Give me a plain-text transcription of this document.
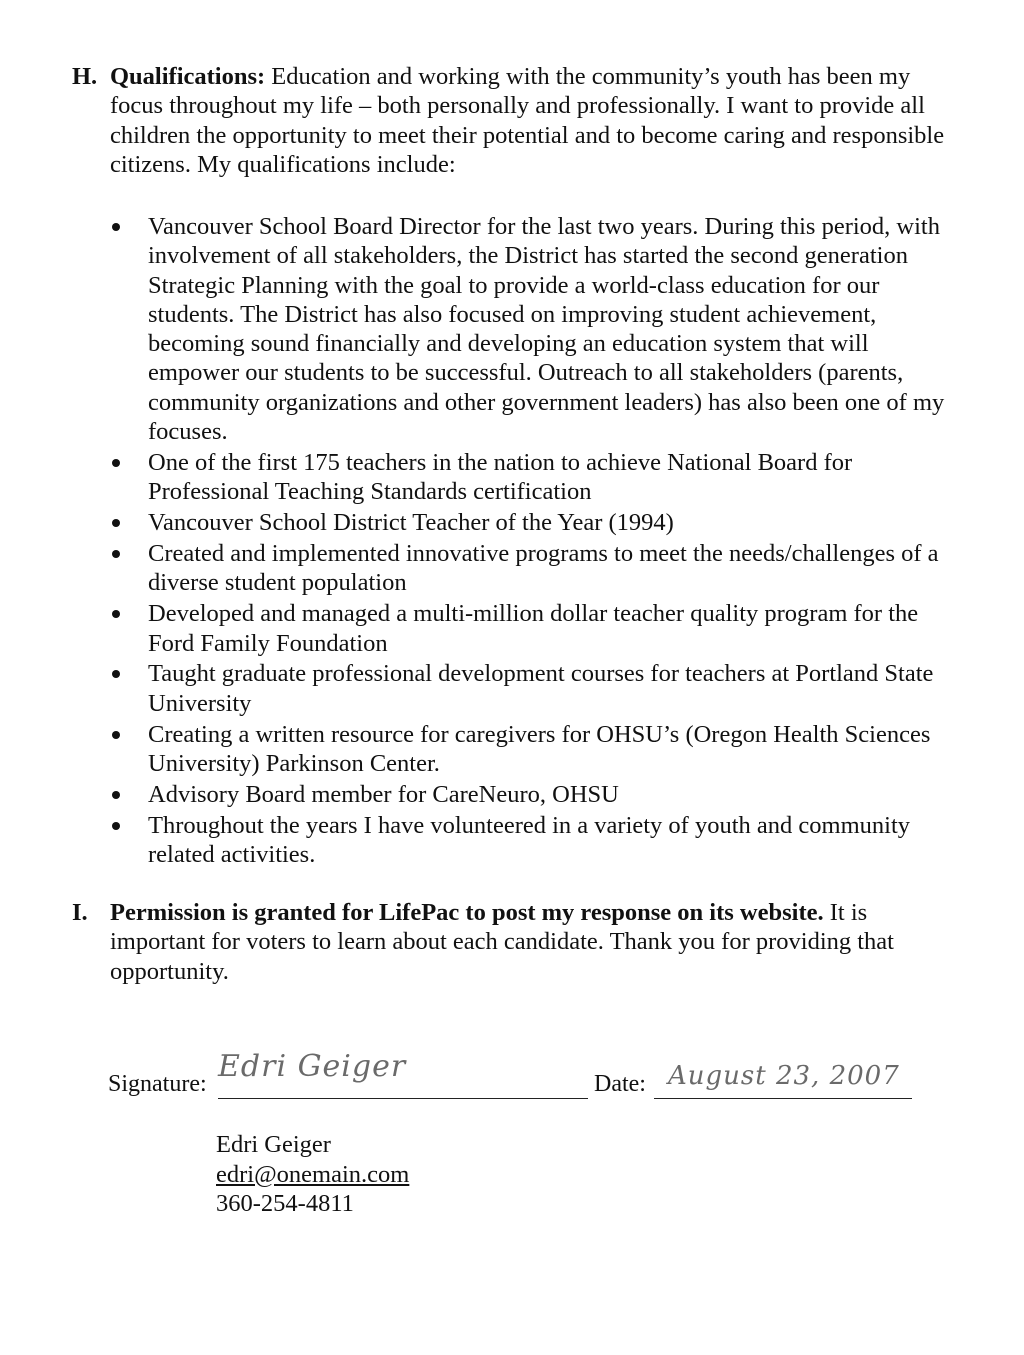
H. Qualifications: Education and working with the community’s youth has been my focus throughout my life – both personally and professionally. I want to provide all children the opportunity to meet their potential and to become caring and responsible citizens. My qualifications include:
Vancouver School Board Director for the last two years. During this period, with involvement of all stakeholders, the District has started the second generation Strategic Planning with the goal to provide a world-class education for our students. The District has also focused on improving student achievement, becoming sound financially and developing an education system that will empower our students to be successful. Outreach to all stakeholders (parents, community organizations and other government leaders) has also been one of my focuses.
One of the first 175 teachers in the nation to achieve National Board for Professional Teaching Standards certification
Vancouver School District Teacher of the Year (1994)
Created and implemented innovative programs to meet the needs/challenges of a diverse student population
Developed and managed a multi-million dollar teacher quality program for the Ford Family Foundation
Taught graduate professional development courses for teachers at Portland State University
Creating a written resource for caregivers for OHSU’s (Oregon Health Sciences University) Parkinson Center.
Advisory Board member for CareNeuro, OHSU
Throughout the years I have volunteered in a variety of youth and community related activities.
I. Permission is granted for LifePac to post my response on its website. It is important for voters to learn about each candidate. Thank you for providing that opportunity.
Signature: Edri Geiger	Date: August 23, 2007
Edri Geiger
edri@onemain.com
360-254-4811
